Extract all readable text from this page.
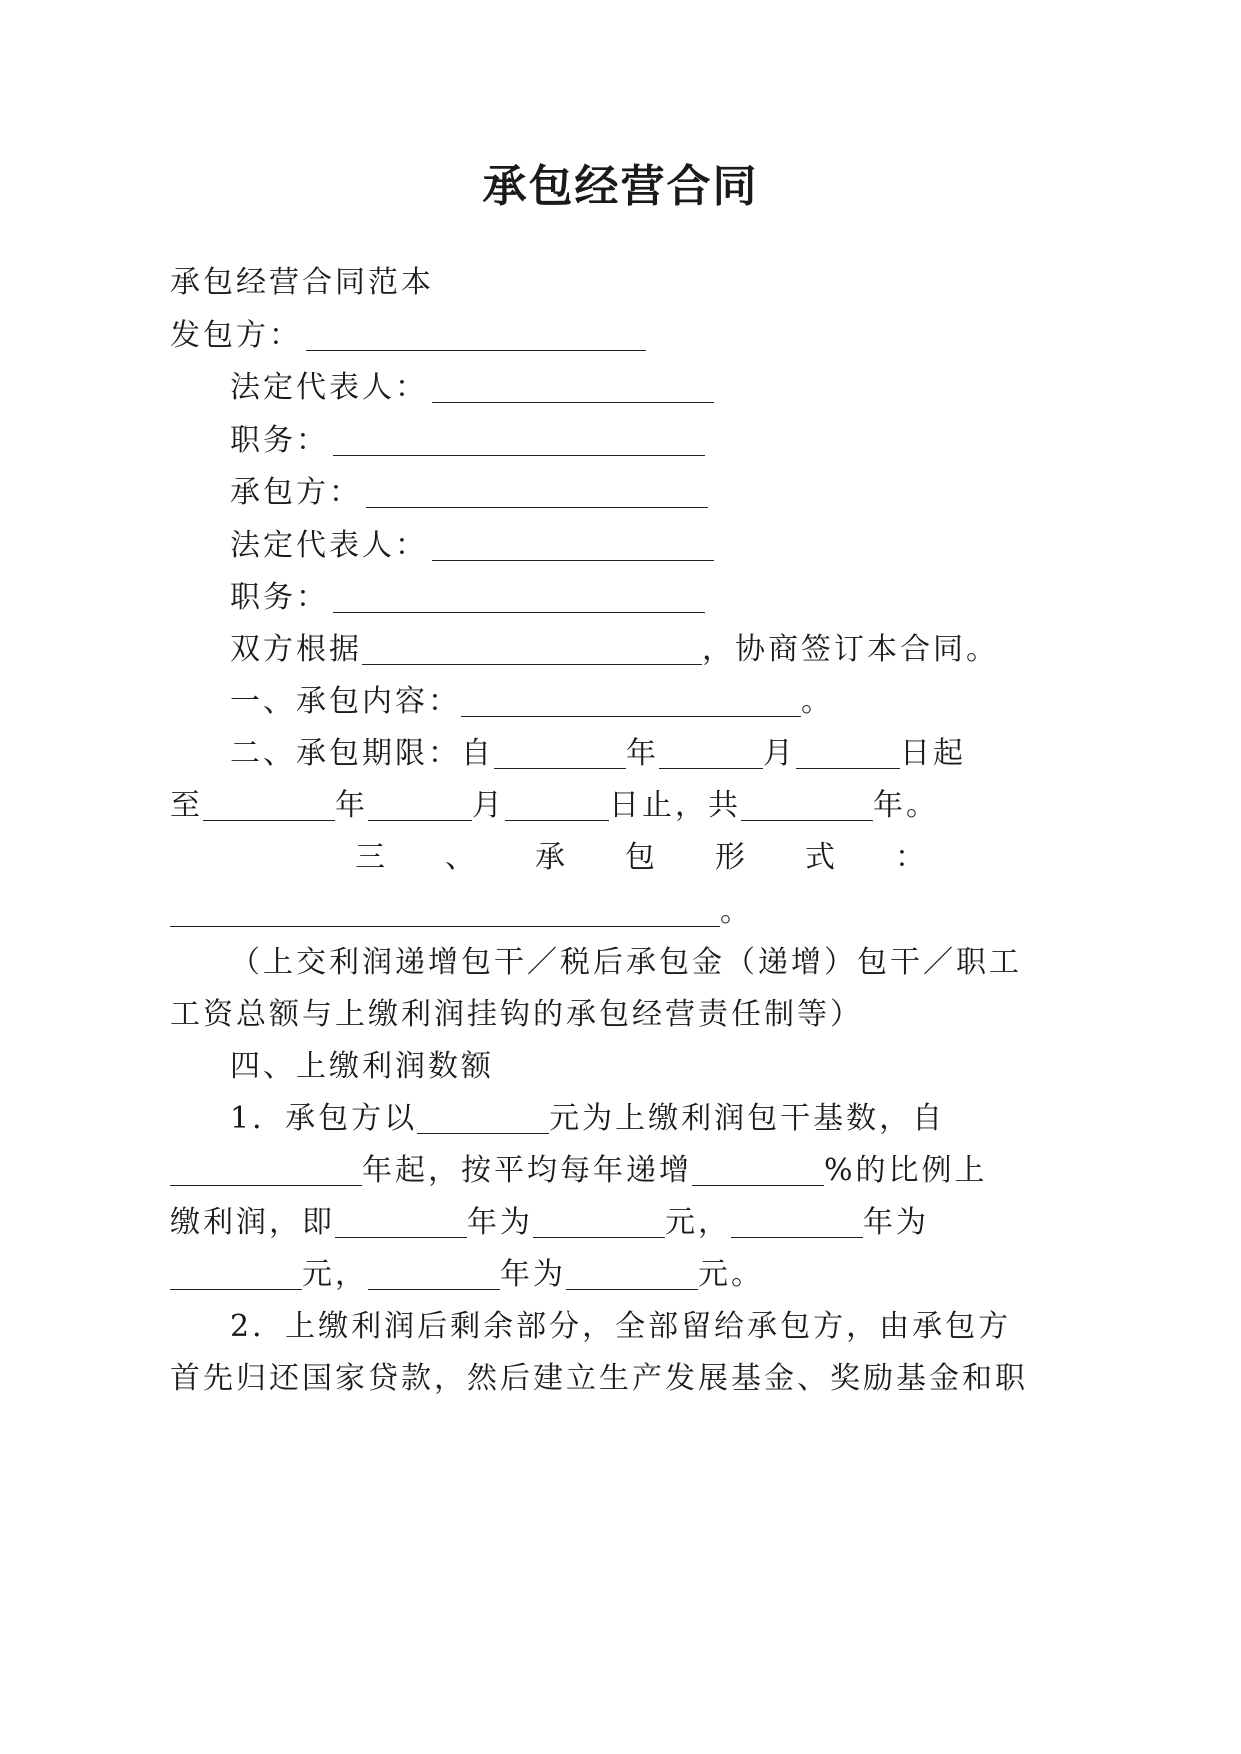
承包经营合同
承包经营合同范本
发包方：
法定代表人：
职务：
承包方：
法定代表人：
职务：
双方根据	，协商签订本合同。
一、承包内容：	。
二、承包期限：自	年	月	日起
至	年	月	日止，共	年。
三 、 承 包 形 式 ：
。
（上交利润递增包干／税后承包金（递增）包干／职工
工资总额与上缴利润挂钩的承包经营责任制等）
四、上缴利润数额
1．承包方以	元为上缴利润包干基数，自
年起，按平均每年递增	%的比例上
缴利润，即	年为	元，	年为
元，	年为	元。
2．上缴利润后剩余部分，全部留给承包方，由承包方
首先归还国家贷款，然后建立生产发展基金、奖励基金和职
